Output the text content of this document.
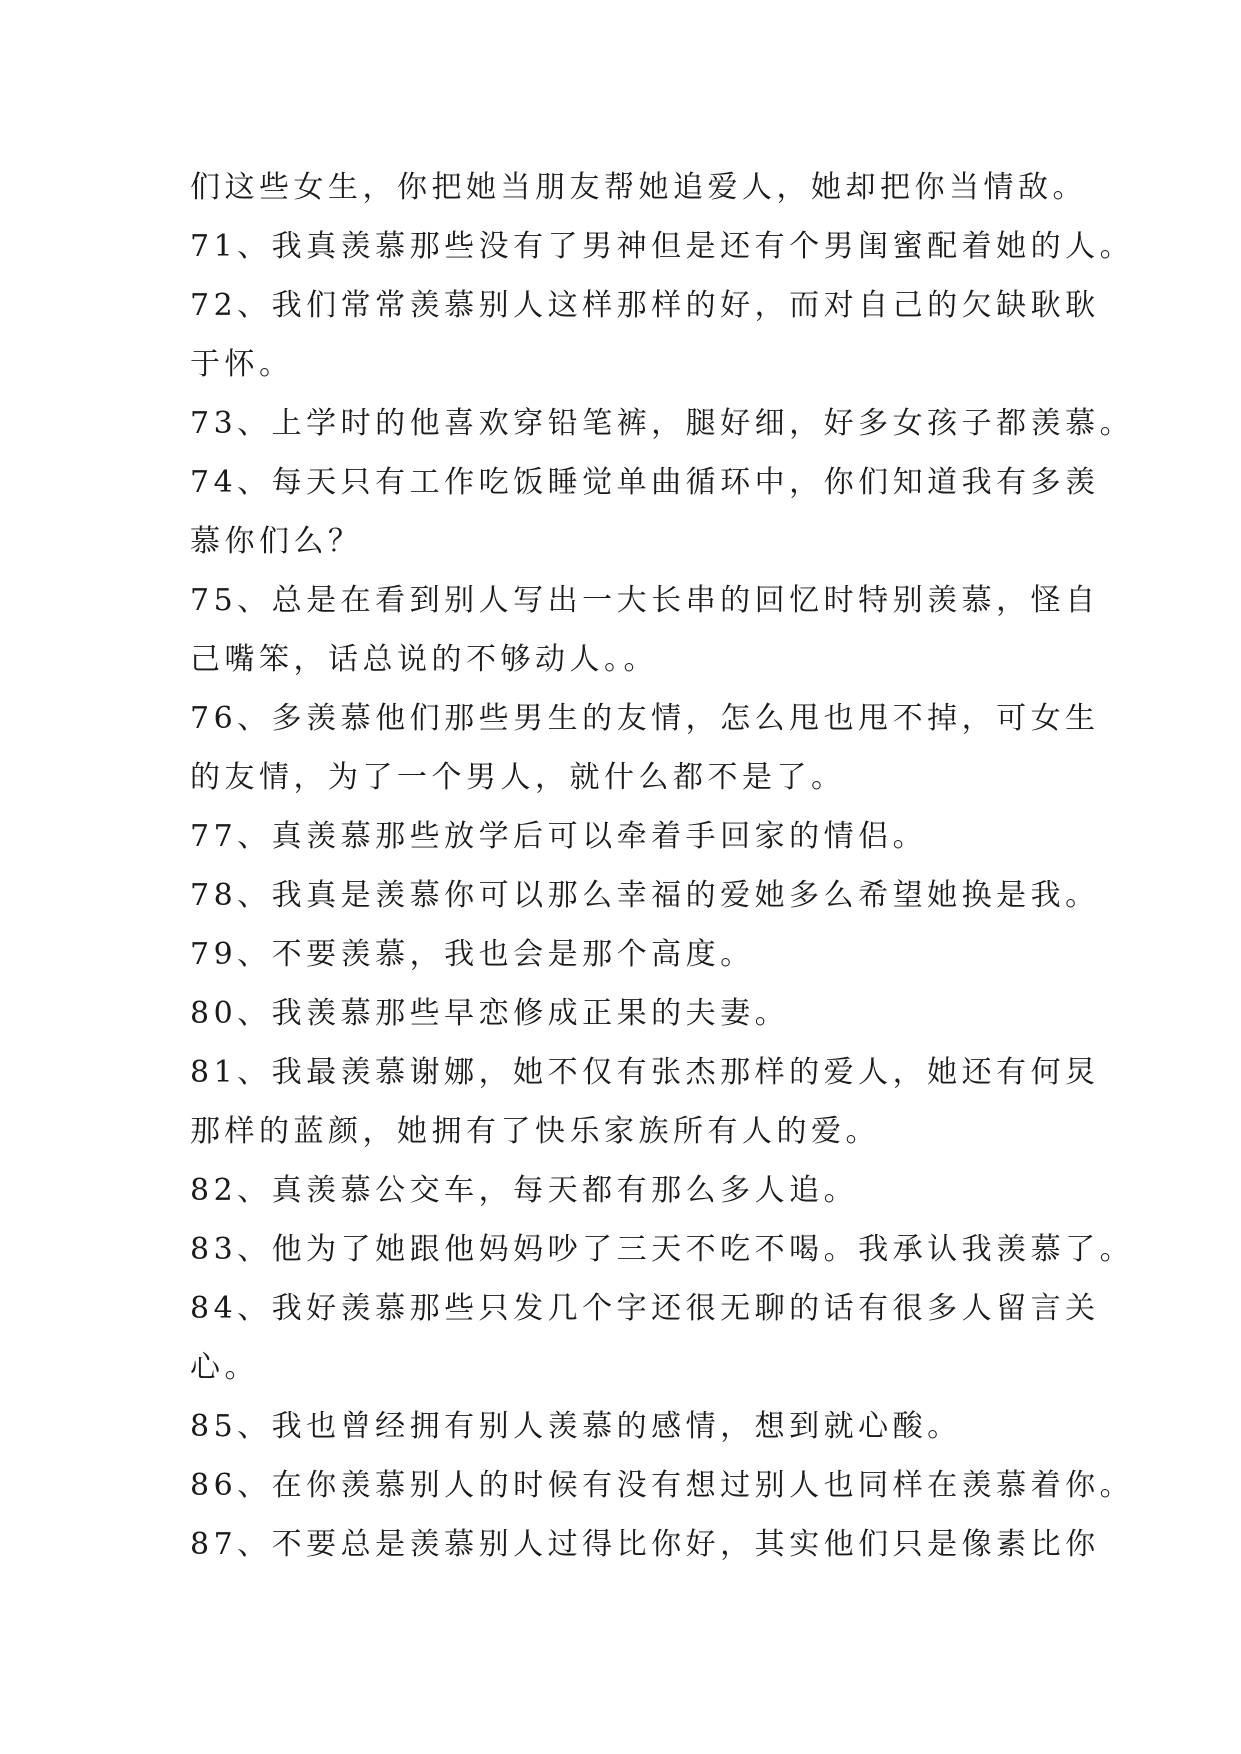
们这些女生，你把她当朋友帮她追爱人，她却把你当情敌。
71、我真羡慕那些没有了男神但是还有个男闺蜜配着她的人。
72、我们常常羡慕别人这样那样的好，而对自己的欠缺耿耿
于怀。
73、上学时的他喜欢穿铅笔裤，腿好细，好多女孩子都羡慕。
74、每天只有工作吃饭睡觉单曲循环中，你们知道我有多羡
慕你们么？
75、总是在看到别人写出一大长串的回忆时特别羡慕，怪自
己嘴笨，话总说的不够动人。。
76、多羡慕他们那些男生的友情，怎么甩也甩不掉，可女生
的友情，为了一个男人，就什么都不是了。
77、真羡慕那些放学后可以牵着手回家的情侣。
78、我真是羡慕你可以那么幸福的爱她多么希望她换是我。
79、不要羡慕，我也会是那个高度。
80、我羡慕那些早恋修成正果的夫妻。
81、我最羡慕谢娜，她不仅有张杰那样的爱人，她还有何炅
那样的蓝颜，她拥有了快乐家族所有人的爱。
82、真羡慕公交车，每天都有那么多人追。
83、他为了她跟他妈妈吵了三天不吃不喝。我承认我羡慕了。
84、我好羡慕那些只发几个字还很无聊的话有很多人留言关
心。
85、我也曾经拥有别人羡慕的感情，想到就心酸。
86、在你羡慕别人的时候有没有想过别人也同样在羡慕着你。
87、不要总是羡慕别人过得比你好，其实他们只是像素比你
